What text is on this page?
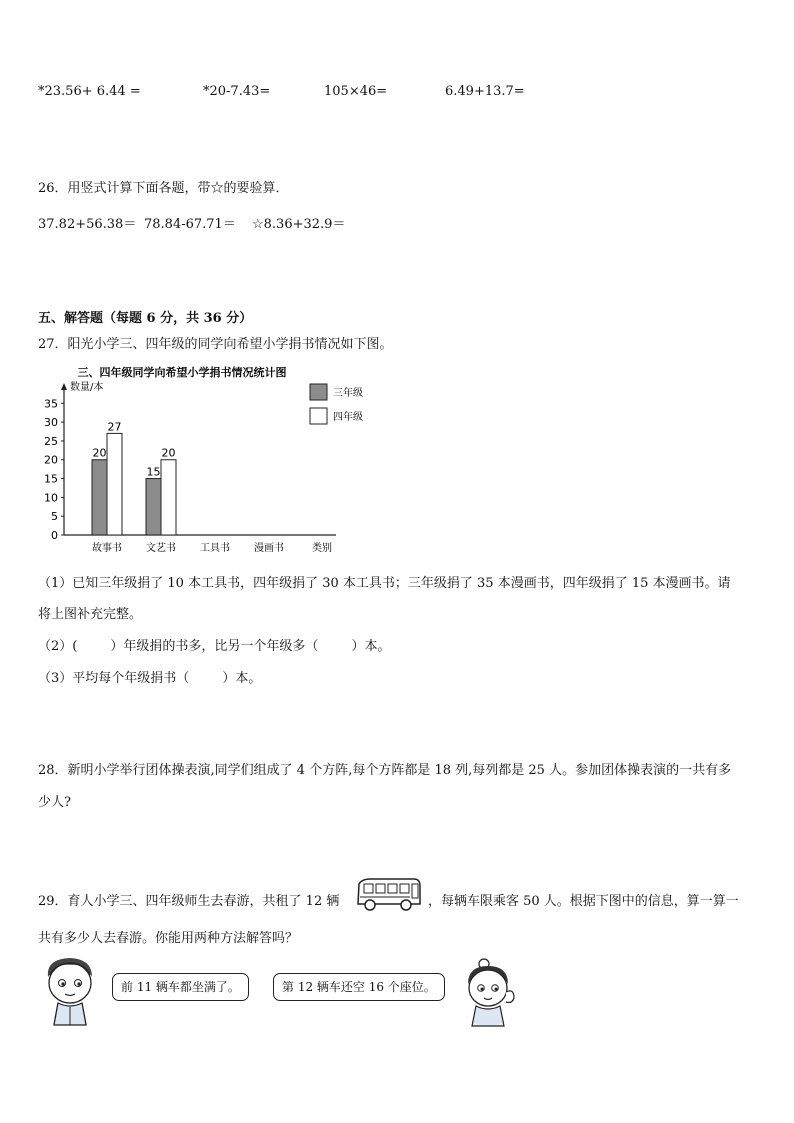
*23.56+ 6.44 =	*20-7.43=	105×46=	6.49+13.7=
26．用竖式计算下面各题，带☆的要验算．
37.82+56.38＝ 78.84-67.71＝ ☆8.36+32.9＝
五、解答题（每题 6 分，共 36 分）
27．阳光小学三、四年级的同学向希望小学捐书情况如下图。
三、四年级同学向希望小学捐书情况统计图
数量/本
0
5
10
15
20
25
30
35
20
27
故事书
15
20
文艺书 工具书 漫画书	类别
三年级
四年级
（1）已知三年级捐了 10 本工具书，四年级捐了 30 本工具书；三年级捐了 35 本漫画书，四年级捐了 15 本漫画书。请
将上图补充完整。
（2）(        ）年级捐的书多，比另一个年级多（        ）本。
（3）平均每个年级捐书（        ）本。
28．新明小学举行团体操表演,同学们组成了 4 个方阵,每个方阵都是 18 列,每列都是 25 人。参加团体操表演的一共有多
少人?
29．育人小学三、四年级师生去春游，共租了 12 辆	，每辆车限乘客 50 人。根据下图中的信息，算一算一
共有多少人去春游。你能用两种方法解答吗？
前 11 辆车都坐满了。	第 12 辆车还空 16 个座位。
